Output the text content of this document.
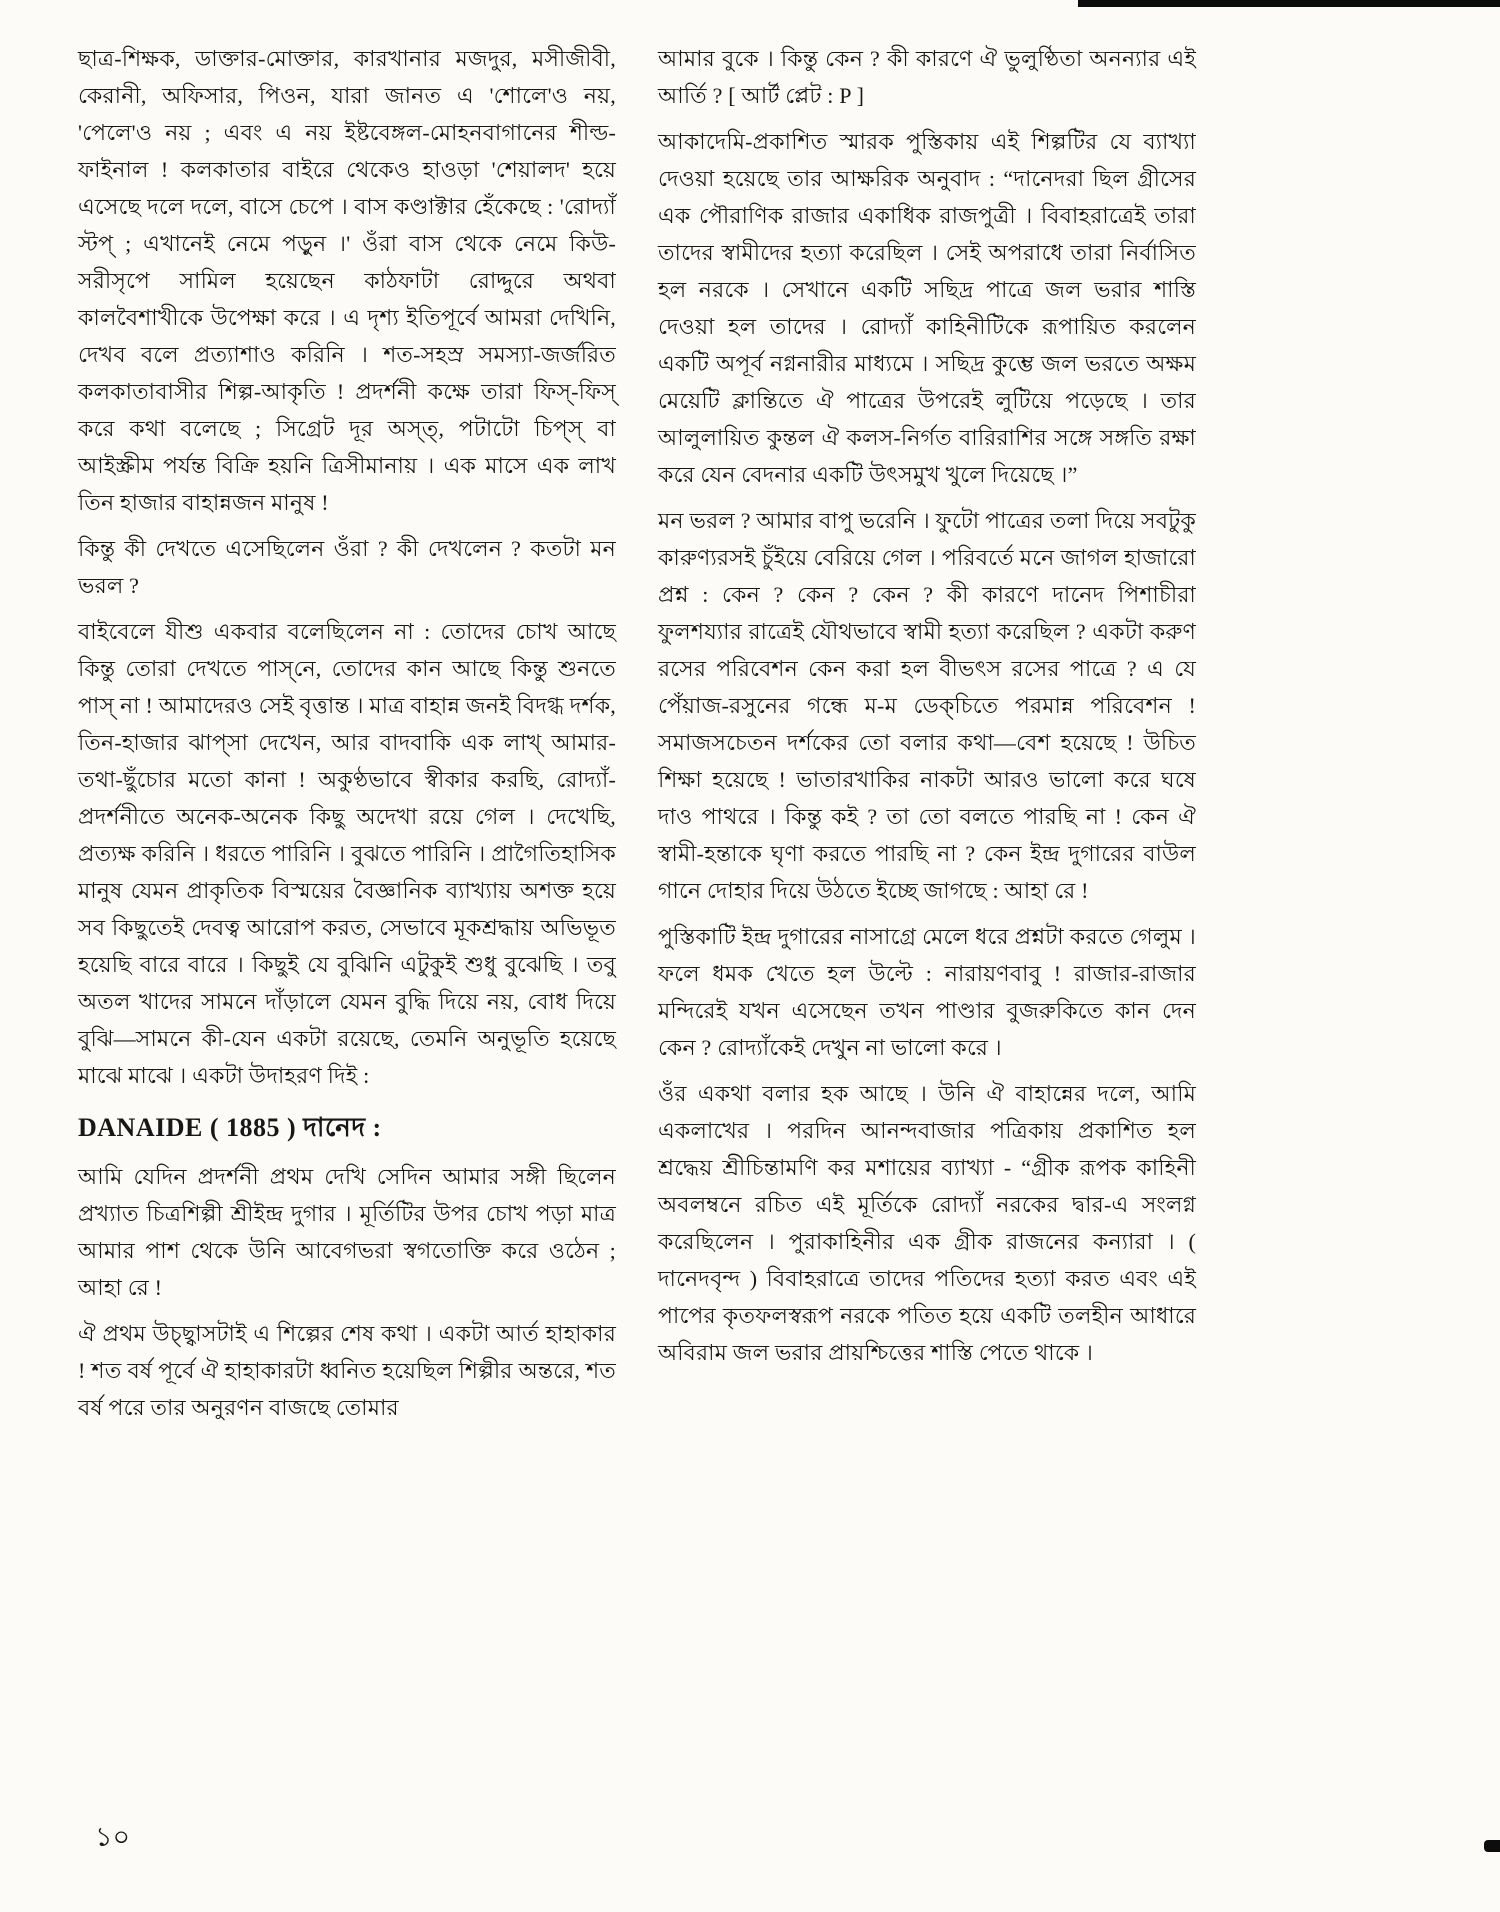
ছাত্র-শিক্ষক, ডাক্তার-মোক্তার, কারখানার মজদুর, মসীজীবী, কেরানী, অফিসার, পিওন, যারা জানত এ 'শোলে'ও নয়, 'পেলে'ও নয় ; এবং এ নয় ইষ্টবেঙ্গল-মোহনবাগানের শীল্ড-ফাইনাল ! কলকাতার বাইরে থেকেও হাওড়া 'শেয়ালদ' হয়ে এসেছে দলে দলে, বাসে চেপে । বাস কণ্ডাক্টার হেঁকেছে : 'রোদ্যাঁ স্টপ্ ; এখানেই নেমে পড়ুন ।' ওঁরা বাস থেকে নেমে কিউ-সরীসৃপে সামিল হয়েছেন কাঠফাটা রোদ্দুরে অথবা কালবৈশাখীকে উপেক্ষা করে । এ দৃশ্য ইতিপূর্বে আমরা দেখিনি, দেখব বলে প্রত্যাশাও করিনি । শত-সহস্র সমস্যা-জর্জরিত কলকাতাবাসীর শিল্প-আকৃতি ! প্রদর্শনী কক্ষে তারা ফিস্-ফিস্ করে কথা বলেছে ; সিগ্রেট দূর অস্ত্, পটাটো চিপ্‌স্ বা আইস্ক্রীম পর্যন্ত বিক্রি হয়নি ত্রিসীমানায় । এক মাসে এক লাখ তিন হাজার বাহান্নজন মানুষ !

কিন্তু কী দেখতে এসেছিলেন ওঁরা ? কী দেখলেন ? কতটা মন ভরল ?

বাইবেলে যীশু একবার বলেছিলেন না : তোদের চোখ আছে কিন্তু তোরা দেখতে পাস্‌নে, তোদের কান আছে কিন্তু শুনতে পাস্ না ! আমাদেরও সেই বৃত্তান্ত । মাত্র বাহান্ন জনই বিদগ্ধ দর্শক, তিন-হাজার ঝাপ্‌সা দেখেন, আর বাদবাকি এক লাখ্ আমার-তথা-ছুঁচোর মতো কানা ! অকুণ্ঠভাবে স্বীকার করছি, রোদ্যাঁ-প্রদর্শনীতে অনেক-অনেক কিছু অদেখা রয়ে গেল । দেখেছি, প্রত্যক্ষ করিনি । ধরতে পারিনি । বুঝতে পারিনি । প্রাগৈতিহাসিক মানুষ যেমন প্রাকৃতিক বিস্ময়ের বৈজ্ঞানিক ব্যাখ্যায় অশক্ত হয়ে সব কিছুতেই দেবত্ব আরোপ করত, সেভাবে মূকশ্রদ্ধায় অভিভূত হয়েছি বারে বারে । কিছুই যে বুঝিনি এটুকুই শুধু বুঝেছি । তবু অতল খাদের সামনে দাঁড়ালে যেমন বুদ্ধি দিয়ে নয়, বোধ দিয়ে বুঝি—সামনে কী-যেন একটা রয়েছে, তেমনি অনুভূতি হয়েছে মাঝে মাঝে । একটা উদাহরণ দিই :

DANAIDE ( 1885 ) দানেদ :

আমি যেদিন প্রদর্শনী প্রথম দেখি সেদিন আমার সঙ্গী ছিলেন প্রখ্যাত চিত্রশিল্পী শ্রীইন্দ্র দুগার । মূর্তিটির উপর চোখ পড়া মাত্র আমার পাশ থেকে উনি আবেগভরা স্বগতোক্তি করে ওঠেন ; আহা রে !

ঐ প্রথম উচ্ছ্বাসটাই এ শিল্পের শেষ কথা । একটা আর্ত হাহাকার ! শত বর্ষ পূর্বে ঐ হাহাকারটা ধ্বনিত হয়েছিল শিল্পীর অন্তরে, শত বর্ষ পরে তার অনুরণন বাজছে তোমার

আমার বুকে । কিন্তু কেন ? কী কারণে ঐ ভুলুণ্ঠিতা অনন্যার এই আর্তি ? [ আর্ট প্লেট : P ]

আকাদেমি-প্রকাশিত স্মারক পুস্তিকায় এই শিল্পটির যে ব্যাখ্যা দেওয়া হয়েছে তার আক্ষরিক অনুবাদ : “দানেদরা ছিল গ্রীসের এক পৌরাণিক রাজার একাধিক রাজপুত্রী । বিবাহরাত্রেই তারা তাদের স্বামীদের হত্যা করেছিল । সেই অপরাধে তারা নির্বাসিত হল নরকে । সেখানে একটি সছিদ্র পাত্রে জল ভরার শাস্তি দেওয়া হল তাদের । রোদ্যাঁ কাহিনীটিকে রূপায়িত করলেন একটি অপূর্ব নগ্ননারীর মাধ্যমে । সছিদ্র কুম্ভে জল ভরতে অক্ষম মেয়েটি ক্লান্তিতে ঐ পাত্রের উপরেই লুটিয়ে পড়েছে । তার আলুলায়িত কুন্তল ঐ কলস-নির্গত বারিরাশির সঙ্গে সঙ্গতি রক্ষা করে যেন বেদনার একটি উৎসমুখ খুলে দিয়েছে ।”

মন ভরল ? আমার বাপু ভরেনি । ফুটো পাত্রের তলা দিয়ে সবটুকু কারুণ্যরসই চুঁইয়ে বেরিয়ে গেল । পরিবর্তে মনে জাগল হাজারো প্রশ্ন : কেন ? কেন ? কেন ? কী কারণে দানেদ পিশাচীরা ফুলশয্যার রাত্রেই যৌথভাবে স্বামী হত্যা করেছিল ? একটা করুণ রসের পরিবেশন কেন করা হল বীভৎস রসের পাত্রে ? এ যে পেঁয়াজ-রসুনের গন্ধে ম-ম ডেক্‌চিতে পরমান্ন পরিবেশন ! সমাজসচেতন দর্শকের তো বলার কথা—বেশ হয়েছে ! উচিত শিক্ষা হয়েছে ! ভাতারখাকির নাকটা আরও ভালো করে ঘষে দাও পাথরে । কিন্তু কই ? তা তো বলতে পারছি না ! কেন ঐ স্বামী-হন্তাকে ঘৃণা করতে পারছি না ? কেন ইন্দ্র দুগারের বাউল গানে দোহার দিয়ে উঠতে ইচ্ছে জাগছে : আহা রে !

পুস্তিকাটি ইন্দ্র দুগারের নাসাগ্রে মেলে ধরে প্রশ্নটা করতে গেলুম । ফলে ধমক খেতে হল উল্টে : নারায়ণবাবু ! রাজার-রাজার মন্দিরেই যখন এসেছেন তখন পাণ্ডার বুজরুকিতে কান দেন কেন ? রোদ্যাঁকেই দেখুন না ভালো করে ।

ওঁর একথা বলার হক আছে । উনি ঐ বাহান্নের দলে, আমি একলাখের । পরদিন আনন্দবাজার পত্রিকায় প্রকাশিত হল শ্রদ্ধেয় শ্রীচিন্তামণি কর মশায়ের ব্যাখ্যা - “গ্রীক রূপক কাহিনী অবলম্বনে রচিত এই মূর্তিকে রোদ্যাঁ নরকের দ্বার-এ সংলগ্ন করেছিলেন । পুরাকাহিনীর এক গ্রীক রাজনের কন্যারা । ( দানেদবৃন্দ ) বিবাহরাত্রে তাদের পতিদের হত্যা করত এবং এই পাপের কৃতফলস্বরূপ নরকে পতিত হয়ে একটি তলহীন আধারে অবিরাম জল ভরার প্রায়শ্চিত্তের শাস্তি পেতে থাকে ।

১০
